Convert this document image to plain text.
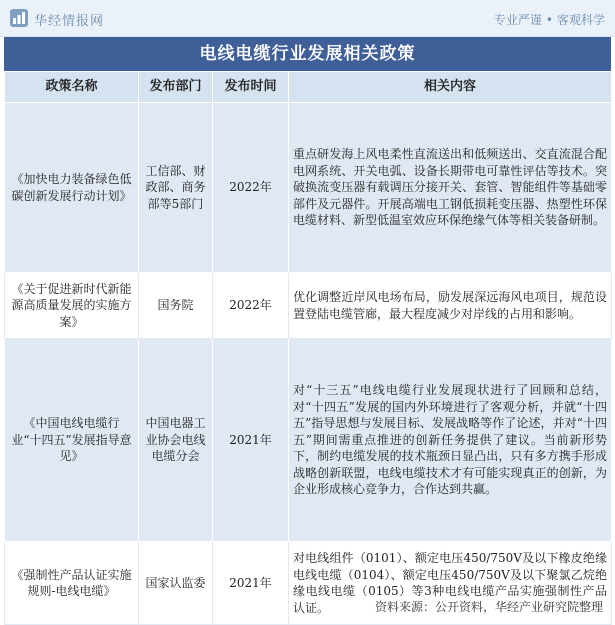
华经情报网	专业严谨 • 客观科学
电线电缆行业发展相关政策
政策名称	发布部门	发布时间	相关内容
《加快电力装备绿色低碳创新发展行动计划》	工信部、财政部、商务部等5部门	2022年	重点研发海上风电柔性直流送出和低频送出、交直流混合配电网系统、开关电弧、设备长期带电可靠性评估等技术。突破换流变压器有载调压分接开关、套管、智能组件等基础零部件及元器件。开展高端电工钢低损耗变压器、热塑性环保电缆材料、新型低温室效应环保绝缘气体等相关装备研制。
《关于促进新时代新能源高质量发展的实施方案》	国务院	2022年	优化调整近岸风电场布局，励发展深远海风电项目，规范设置登陆电缆管廊，最大程度减少对岸线的占用和影响。
《中国电线电缆行业“十四五”发展指导意见》	中国电器工业协会电线电缆分会	2021年	对“十三五”电线电缆行业发展现状进行了回顾和总结，对“十四五”发展的国内外环境进行了客观分析，并就“十四五”指导思想与发展目标、发展战略等作了论述，并对“十四五”期间需重点推进的创新任务提供了建议。当前新形势下，制约电缆发展的技术瓶颈日显凸出，只有多方携手形成战略创新联盟，电线电缆技术才有可能实现真正的创新，为企业形成核心竞争力，合作达到共赢。
《强制性产品认证实施规则-电线电缆》	国家认监委	2021年	对电线组件（0101）、额定电压450/750V及以下橡皮绝缘电线电缆（0104）、额定电压450/750V及以下聚氯乙烷绝缘电线电缆（0105）等3种电线电缆产品实施强制性产品认证。	资料来源：公开资料，华经产业研究院整理
